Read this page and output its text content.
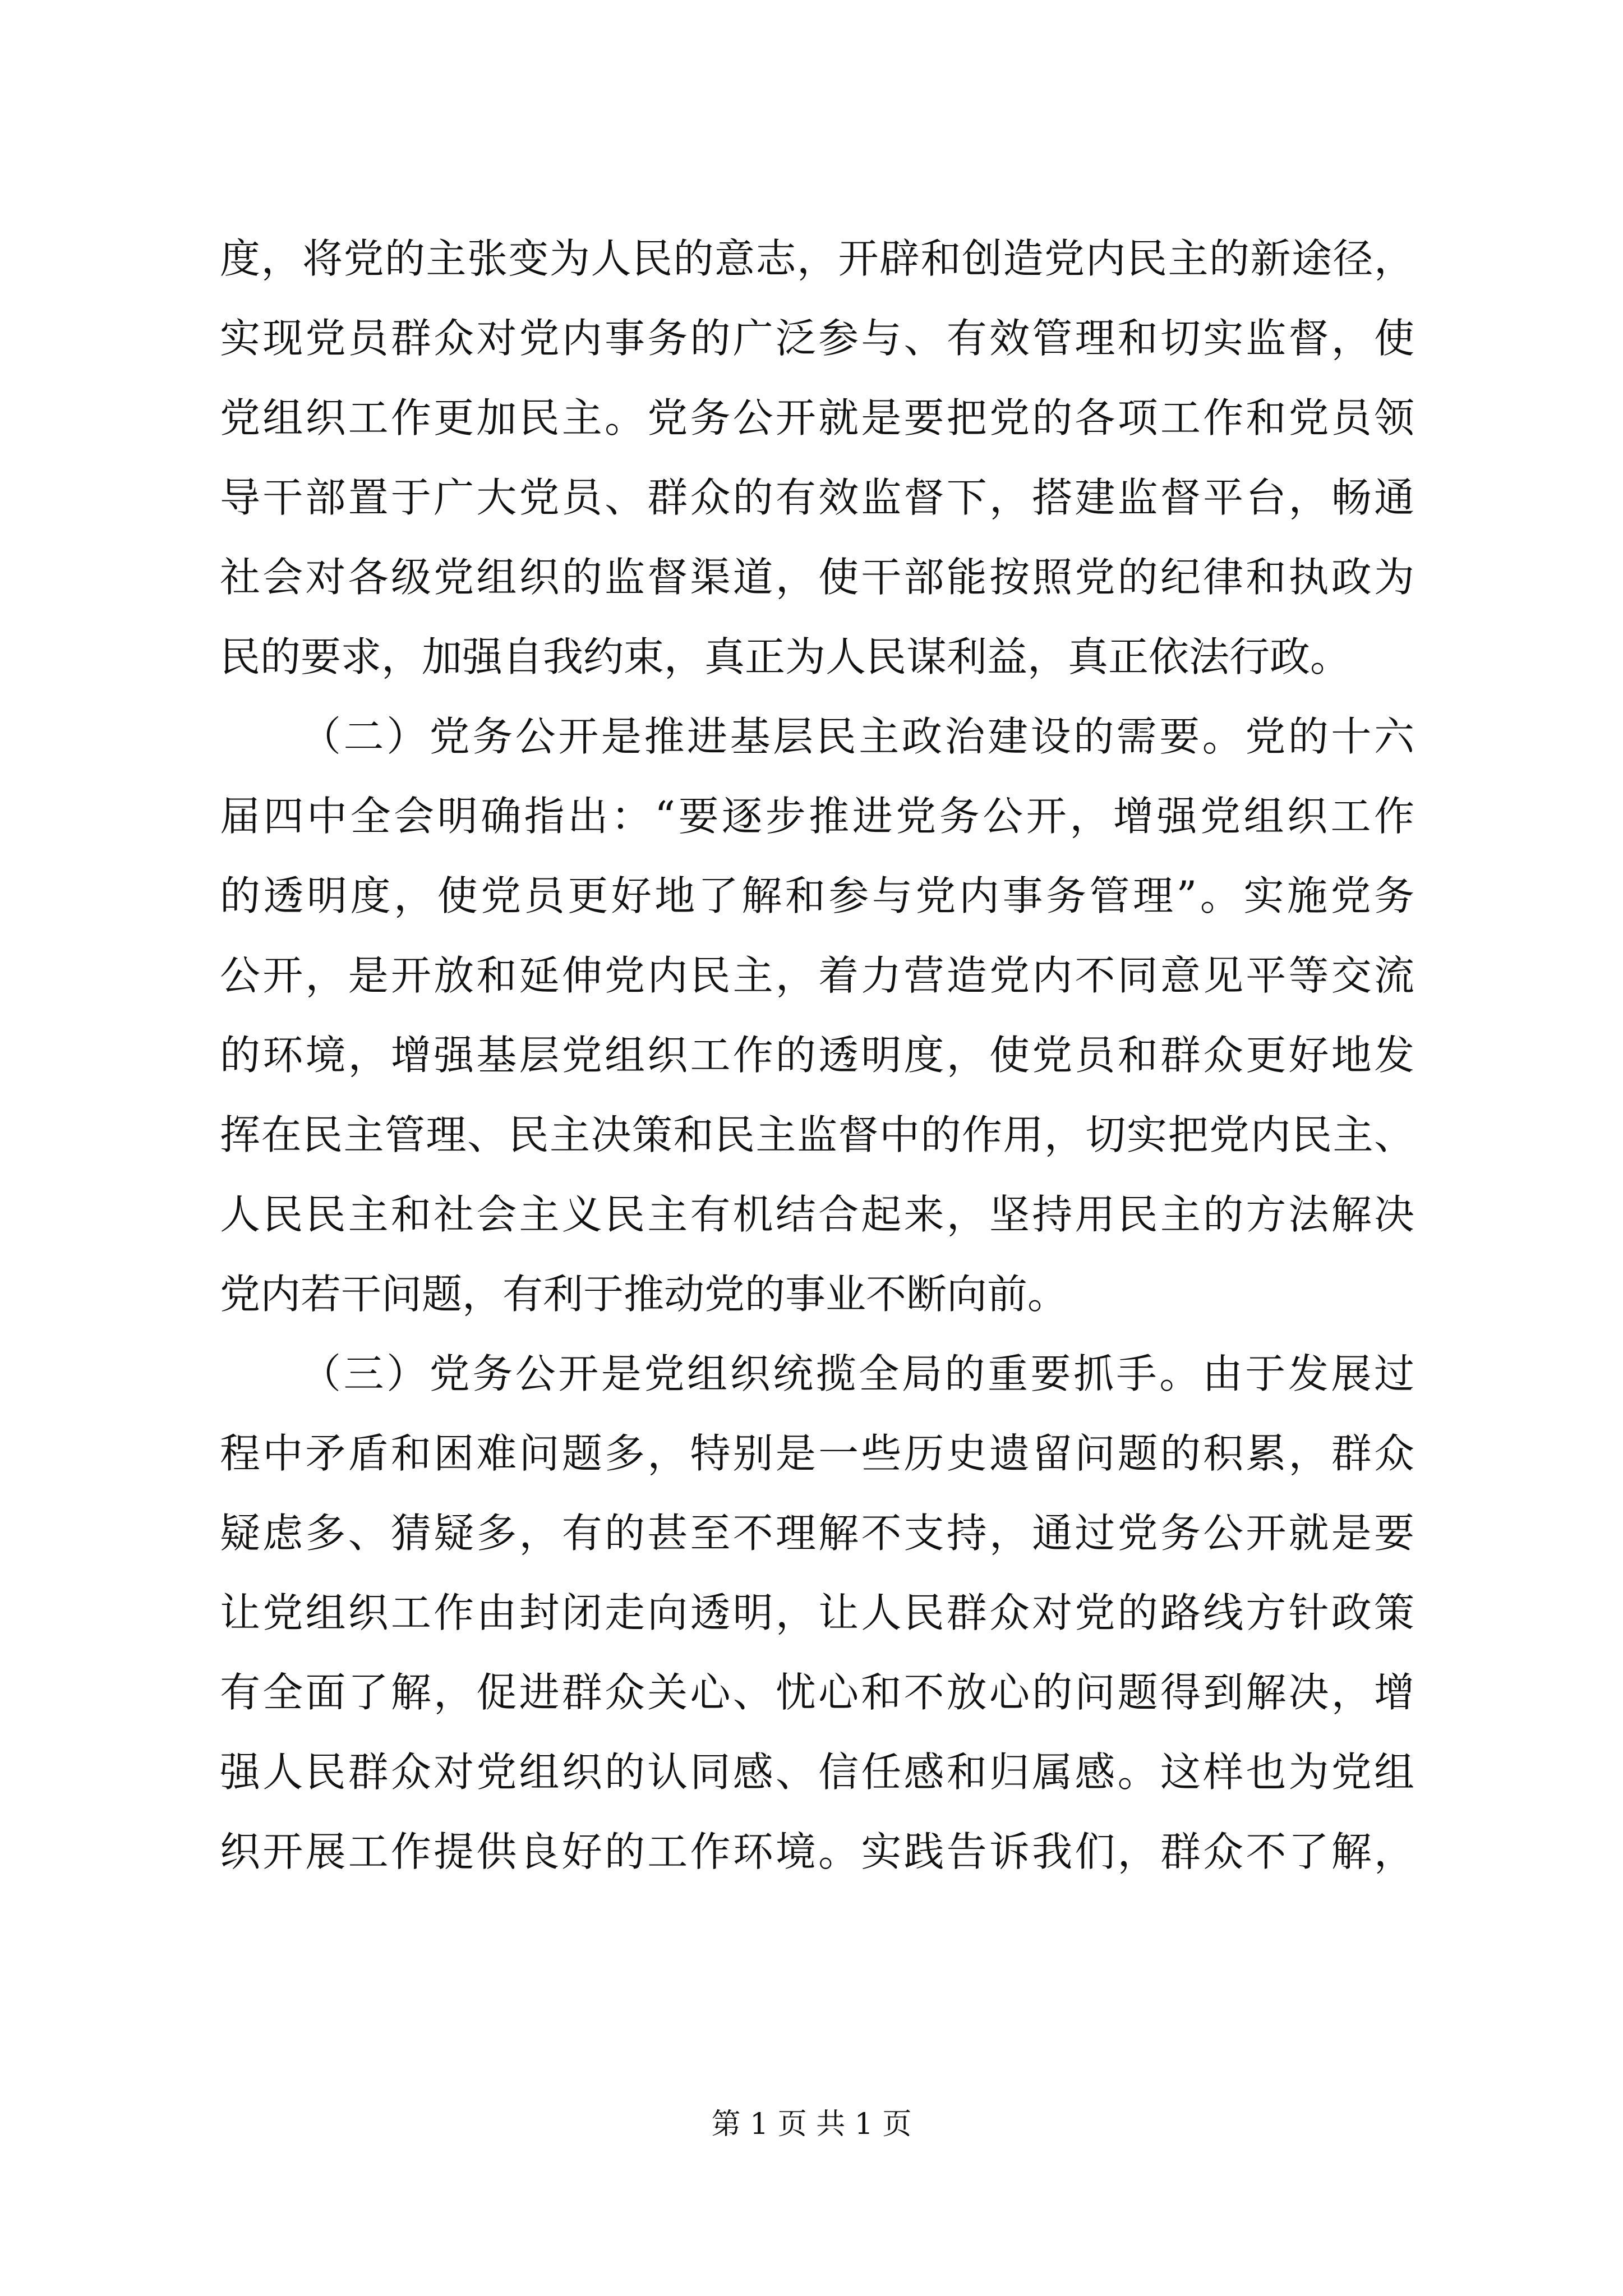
度，将党的主张变为人民的意志，开辟和创造党内民主的新途径，
实现党员群众对党内事务的广泛参与、有效管理和切实监督，使
党组织工作更加民主。党务公开就是要把党的各项工作和党员领
导干部置于广大党员、群众的有效监督下，搭建监督平台，畅通
社会对各级党组织的监督渠道，使干部能按照党的纪律和执政为
民的要求，加强自我约束，真正为人民谋利益，真正依法行政。
（二）党务公开是推进基层民主政治建设的需要。党的十六
届四中全会明确指出：“要逐步推进党务公开，增强党组织工作
的透明度，使党员更好地了解和参与党内事务管理”。实施党务
公开，是开放和延伸党内民主，着力营造党内不同意见平等交流
的环境，增强基层党组织工作的透明度，使党员和群众更好地发
挥在民主管理、民主决策和民主监督中的作用，切实把党内民主、
人民民主和社会主义民主有机结合起来，坚持用民主的方法解决
党内若干问题，有利于推动党的事业不断向前。
（三）党务公开是党组织统揽全局的重要抓手。由于发展过
程中矛盾和困难问题多，特别是一些历史遗留问题的积累，群众
疑虑多、猜疑多，有的甚至不理解不支持，通过党务公开就是要
让党组织工作由封闭走向透明，让人民群众对党的路线方针政策
有全面了解，促进群众关心、忧心和不放心的问题得到解决，增
强人民群众对党组织的认同感、信任感和归属感。这样也为党组
织开展工作提供良好的工作环境。实践告诉我们，群众不了解，
第 1 页 共 1 页
